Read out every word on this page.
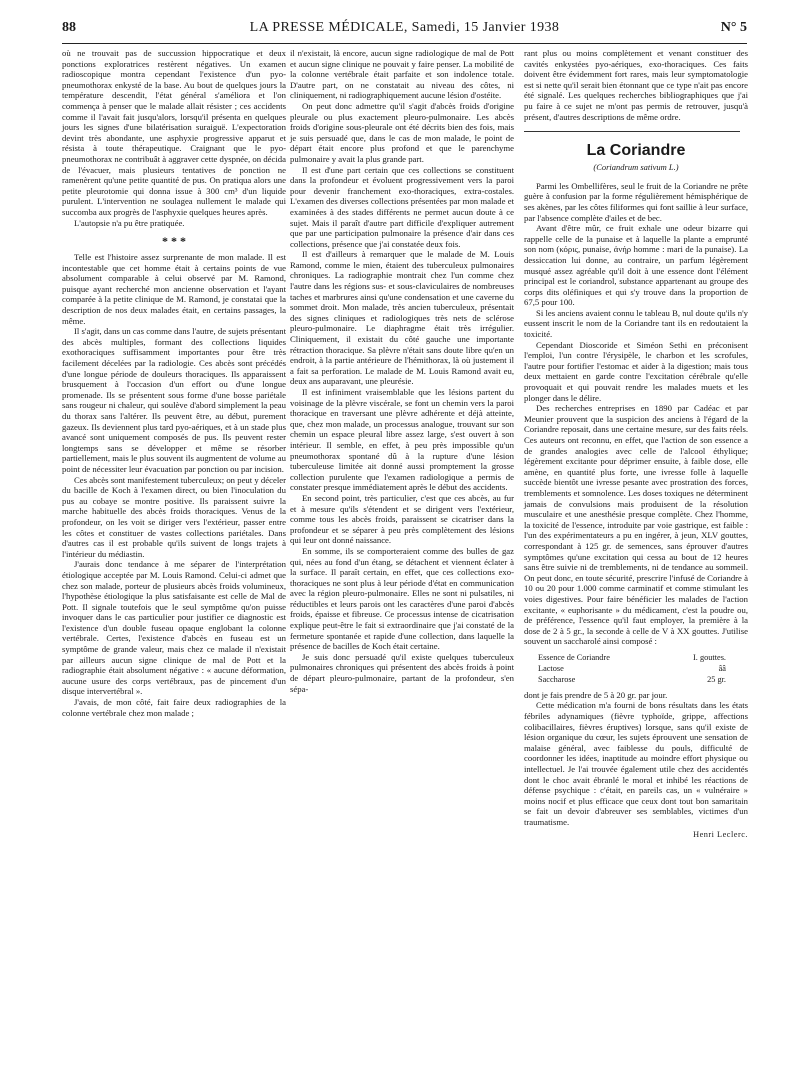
88	LA PRESSE MÉDICALE, Samedi, 15 Janvier 1938	N° 5

où ne trouvait pas de succussion hippocratique et deux ponctions exploratrices restèrent négatives. Un examen radioscopique montra cependant l'existence d'un pyo-pneumothorax enkysté de la base. Au bout de quelques jours la température descendit, l'état général s'améliora et l'on commença à penser que le malade allait résister ; ces accidents comme il l'avait fait jusqu'alors, lorsqu'il présenta en quelques jours les signes d'une bilatérisation suraiguë. L'expectoration devint très abondante, une asphyxie progressive apparut et résista à toute thérapeutique. Craignant que le pyo-pneumothorax ne contribuât à aggraver cette dyspnée, on décida de l'évacuer, mais plusieurs tentatives de ponction ne ramenèrent qu'une petite quantité de pus. On pratiqua alors une petite pleurotomie qui donna issue à 300 cm³ d'un liquide purulent. L'intervention ne soulagea nullement le malade qui succomba aux progrès de l'asphyxie quelques heures après.

L'autopsie n'a pu être pratiquée.

* * *

Telle est l'histoire assez surprenante de mon malade. Il est incontestable que cet homme était à certains points de vue absolument comparable à celui observé par M. Ramond, puisque ayant recherché mon ancienne observation et l'ayant comparée à la petite clinique de M. Ramond, je constatai que la description de nos deux malades était, en certains passages, la même.

Il s'agit, dans un cas comme dans l'autre, de sujets présentant des abcès multiples, formant des collections liquides exothoraciques suffisamment importantes pour être très facilement décelées par la radiologie. Ces abcès sont précédés d'une longue période de douleurs thoraciques. Ils apparaissent brusquement à l'occasion d'un effort ou d'une longue promenade. Ils se présentent sous forme d'une bosse pariétale sans rougeur ni chaleur, qui soulève d'abord simplement la peau du thorax sans l'altérer. Ils peuvent être, au début, purement gazeux. Ils deviennent plus tard pyo-aériques, et à un stade plus avancé sont uniquement composés de pus. Ils peuvent rester longtemps sans se développer et même se résorber partiellement, mais le plus souvent ils augmentent de volume au point de nécessiter leur évacuation par ponction ou par incision.

Ces abcès sont manifestement tuberculeux; on peut y déceler du bacille de Koch à l'examen direct, ou bien l'inoculation du pus au cobaye se montre positive. Ils paraissent suivre la marche habituelle des abcès froids thoraciques. Venus de la profondeur, on les voit se diriger vers l'extérieur, passer entre les côtes et constituer de vastes collections pariétales. Dans d'autres cas il est probable qu'ils suivent de longs trajets à l'intérieur du médiastin.

J'aurais donc tendance à me séparer de l'interprétation étiologique acceptée par M. Louis Ramond. Celui-ci admet que chez son malade, porteur de plusieurs abcès froids volumineux, l'hypothèse étiologique la plus satisfaisante est celle de Mal de Pott. Il signale toutefois que le seul symptôme qu'on puisse invoquer dans le cas particulier pour justifier ce diagnostic est l'existence d'un double fuseau opaque englobant la colonne vertébrale. Certes, l'existence d'abcès en fuseau est un symptôme de grande valeur, mais chez ce malade il n'existait par ailleurs aucun signe clinique de mal de Pott et la radiographie était absolument négative : « aucune déformation, aucune usure des corps vertébraux, pas de pincement d'un disque intervertébral ».

J'avais, de mon côté, fait faire deux radiographies de la colonne vertébrale chez mon malade ;

il n'existait, là encore, aucun signe radiologique de mal de Pott et aucun signe clinique ne pouvait y faire penser. La mobilité de la colonne vertébrale était parfaite et son indolence totale. D'autre part, on ne constatait au niveau des côtes, ni cliniquement, ni radiographiquement aucune lésion d'ostéite.

On peut donc admettre qu'il s'agit d'abcès froids d'origine pleurale ou plus exactement pleuro-pulmonaire. Les abcès froids d'origine sous-pleurale ont été décrits bien des fois, mais je suis persuadé que, dans le cas de mon malade, le point de départ était encore plus profond et que le parenchyme pulmonaire y avait la plus grande part.

Il est d'une part certain que ces collections se constituent dans la profondeur et évoluent progressivement vers la paroi pour devenir franchement exo-thoraciques, extra-costales. L'examen des diverses collections présentées par mon malade et examinées à des stades différents ne permet aucun doute à ce sujet. Mais il paraît d'autre part difficile d'expliquer autrement que par une participation pulmonaire la présence d'air dans ces collections, présence que j'ai constatée deux fois.

Il est d'ailleurs à remarquer que le malade de M. Louis Ramond, comme le mien, étaient des tuberculeux pulmonaires chroniques. La radiographie montrait chez l'un comme chez l'autre dans les régions sus- et sous-claviculaires de nombreuses taches et marbrures ainsi qu'une condensation et une caverne du sommet droit. Mon malade, très ancien tuberculeux, présentait des signes cliniques et radiologiques très nets de sclérose pleuro-pulmonaire. Le diaphragme était très irrégulier. Cliniquement, il existait du côté gauche une importante rétraction thoracique. Sa plèvre n'était sans doute libre qu'en un endroit, à la partie antérieure de l'hémithorax, là où justement il a fait sa perforation. Le malade de M. Louis Ramond avait eu, deux ans auparavant, une pleurésie.

Il est infiniment vraisemblable que les lésions partent du voisinage de la plèvre viscérale, se font un chemin vers la paroi thoracique en traversant une plèvre adhérente et déjà atteinte, que, chez mon malade, un processus analogue, trouvant sur son chemin un espace pleural libre assez large, s'est ouvert à son intérieur. Il semble, en effet, à peu près impossible qu'un pneumothorax spontané dû à la rupture d'une lésion tuberculeuse limitée ait donné aussi promptement la grosse collection purulente que l'examen radiologique a permis de constater presque immédiatement après le début des accidents.

En second point, très particulier, c'est que ces abcès, au fur et à mesure qu'ils s'étendent et se dirigent vers l'extérieur, comme tous les abcès froids, paraissent se cicatriser dans la profondeur et se séparer à peu près complètement des lésions qui leur ont donné naissance.

En somme, ils se comporteraient comme des bulles de gaz qui, nées au fond d'un étang, se détachent et viennent éclater à la surface. Il paraît certain, en effet, que ces collections exo-thoraciques ne sont plus à leur période d'état en communication avec la région pleuro-pulmonaire. Elles ne sont ni pulsatiles, ni réductibles et leurs parois ont les caractères d'une paroi d'abcès froids, épaisse et fibreuse. Ce processus intense de cicatrisation explique peut-être le fait si extraordinaire que j'ai constaté de la fermeture spontanée et rapide d'une collection, dans laquelle la présence de bacilles de Koch était certaine.

Je suis donc persuadé qu'il existe quelques tuberculeux pulmonaires chroniques qui présentent des abcès froids à point de départ pleuro-pulmonaire, partant de la profondeur, s'en sépa-

rant plus ou moins complètement et venant constituer des cavités enkystées pyo-aériques, exo-thoraciques. Ces faits doivent être évidemment fort rares, mais leur symptomatologie est si nette qu'il serait bien étonnant que ce type n'ait pas encore été signalé. Les quelques recherches bibliographiques que j'ai pu faire à ce sujet ne m'ont pas permis de retrouver, jusqu'à présent, d'autres descriptions de même ordre.

La Coriandre
(Coriandrum sativum L.)

Parmi les Ombellifères, seul le fruit de la Coriandre ne prête guère à confusion par la forme régulièrement hémisphérique de ses akènes, par les côtes filiformes qui font saillie à leur surface, par l'absence complète d'ailes et de bec.

Avant d'être mûr, ce fruit exhale une odeur bizarre qui rappelle celle de la punaise et à laquelle la plante a emprunté son nom (κόρις, punaise, ἀνήρ homme : mari de la punaise). La dessiccation lui donne, au contraire, un parfum légèrement musqué assez agréable qu'il doit à une essence dont l'élément principal est le coriandrol, substance appartenant au groupe des corps dits oléfiniques et qui s'y trouve dans la proportion de 67,5 pour 100.

Si les anciens avaient connu le tableau B, nul doute qu'ils n'y eussent inscrit le nom de la Coriandre tant ils en redoutaient la toxicité.

Cependant Dioscoride et Siméon Sethi en préconisent l'emploi, l'un contre l'érysipèle, le charbon et les scrofules, l'autre pour fortifier l'estomac et aider à la digestion; mais tous deux mettaient en garde contre l'excitation cérébrale qu'elle provoquait et qui pouvait rendre les malades muets et les plonger dans le délire.

Des recherches entreprises en 1890 par Cadéac et par Meunier prouvent que la suspicion des anciens à l'égard de la Coriandre reposait, dans une certaine mesure, sur des faits réels. Ces auteurs ont reconnu, en effet, que l'action de son essence a de grandes analogies avec celle de l'alcool éthylique; légèrement excitante pour déprimer ensuite, à faible dose, elle amène, en quantité plus forte, une ivresse folle à laquelle succède bientôt une ivresse pesante avec prostration des forces, tremblements et somnolence. Les doses toxiques ne déterminent jamais de convulsions mais produisent de la résolution musculaire et une anesthésie presque complète. Chez l'homme, la toxicité de l'essence, introduite par voie gastrique, est faible : l'un des expérimentateurs a pu en ingérer, à jeun, XLV gouttes, correspondant à 125 gr. de semences, sans éprouver d'autres symptômes qu'une excitation qui cessa au bout de 12 heures sans être suivie ni de tremblements, ni de tendance au sommeil. On peut donc, en toute sécurité, prescrire l'infusé de Coriandre à 10 ou 20 pour 1.000 comme carminatif et comme stimulant les voies digestives. Pour faire bénéficier les malades de l'action excitante, « euphorisante » du médicament, c'est la poudre ou, de préférence, l'essence qu'il faut employer, la première à la dose de 2 à 5 gr., la seconde à celle de V à XX gouttes. J'utilise souvent un saccharolé ainsi composé :

Essence de Coriandre	I. gouttes.
Lactose	ââ
Saccharose	25 gr.

dont je fais prendre de 5 à 20 gr. par jour.

Cette médication m'a fourni de bons résultats dans les états fébriles adynamiques (fièvre typhoïde, grippe, affections colibacillaires, fièvres éruptives) lorsque, sans qu'il existe de lésion organique du cœur, les sujets éprouvent une sensation de malaise général, avec faiblesse du pouls, difficulté de coordonner les idées, inaptitude au moindre effort physique ou intellectuel. Je l'ai trouvée également utile chez des accidentés dont le choc avait ébranlé le moral et inhibé les réactions de défense psychique : c'était, en pareils cas, un « vulnéraire » moins nocif et plus efficace que ceux dont tout bon samaritain se fait un devoir d'abreuver ses semblables, victimes d'un traumatisme.

Henri Leclerc.
